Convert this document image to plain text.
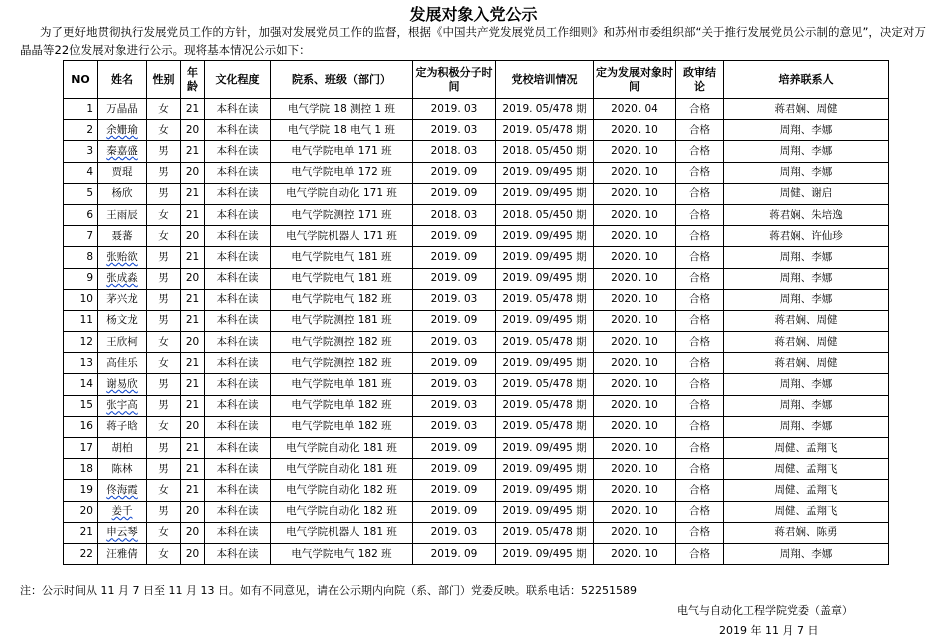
发展对象入党公示
为了更好地贯彻执行发展党员工作的方针，加强对发展党员工作的监督，根据《中国共产党发展党员工作细则》和苏州市委组织部“关于推行发展党员公示制的意见”，决定对万晶晶等22位发展对象进行公示。现将基本情况公示如下：
NO	姓名	性别	年龄	文化程度	院系、班级（部门）	定为积极分子时间	党校培训情况	定为发展对象时间	政审结论	培养联系人
1	万晶晶	女	21	本科在读	电气学院 18 测控 1 班	2019. 03	2019. 05/478 期	2020. 04	合格	蒋君娴、周健
2	余姗瑜	女	20	本科在读	电气学院 18 电气 1 班	2019. 03	2019. 05/478 期	2020. 10	合格	周翔、李娜
3	秦嘉盛	男	21	本科在读	电气学院电单 171 班	2018. 03	2018. 05/450 期	2020. 10	合格	周翔、李娜
4	贾琨	男	20	本科在读	电气学院电单 172 班	2019. 09	2019. 09/495 期	2020. 10	合格	周翔、李娜
5	杨欣	男	21	本科在读	电气学院自动化 171 班	2019. 09	2019. 09/495 期	2020. 10	合格	周健、谢启
6	王雨辰	女	21	本科在读	电气学院测控 171 班	2018. 03	2018. 05/450 期	2020. 10	合格	蒋君娴、朱培逸
7	聂蕃	女	20	本科在读	电气学院机器人 171 班	2019. 09	2019. 09/495 期	2020. 10	合格	蒋君娴、许仙珍
8	张贻欲	男	21	本科在读	电气学院电气 181 班	2019. 09	2019. 09/495 期	2020. 10	合格	周翔、李娜
9	张成淼	男	20	本科在读	电气学院电气 181 班	2019. 09	2019. 09/495 期	2020. 10	合格	周翔、李娜
10	茅兴龙	男	21	本科在读	电气学院电气 182 班	2019. 03	2019. 05/478 期	2020. 10	合格	周翔、李娜
11	杨文龙	男	21	本科在读	电气学院测控 181 班	2019. 09	2019. 09/495 期	2020. 10	合格	蒋君娴、周健
12	王欣柯	女	20	本科在读	电气学院测控 182 班	2019. 03	2019. 05/478 期	2020. 10	合格	蒋君娴、周健
13	高佳乐	女	21	本科在读	电气学院测控 182 班	2019. 09	2019. 09/495 期	2020. 10	合格	蒋君娴、周健
14	谢易欣	男	21	本科在读	电气学院电单 181 班	2019. 03	2019. 05/478 期	2020. 10	合格	周翔、李娜
15	张宇高	男	21	本科在读	电气学院电单 182 班	2019. 03	2019. 05/478 期	2020. 10	合格	周翔、李娜
16	蒋子晗	女	20	本科在读	电气学院电单 182 班	2019. 03	2019. 05/478 期	2020. 10	合格	周翔、李娜
17	胡柏	男	21	本科在读	电气学院自动化 181 班	2019. 09	2019. 09/495 期	2020. 10	合格	周健、孟翔飞
18	陈林	男	21	本科在读	电气学院自动化 181 班	2019. 09	2019. 09/495 期	2020. 10	合格	周健、孟翔飞
19	佟海霞	女	21	本科在读	电气学院自动化 182 班	2019. 09	2019. 09/495 期	2020. 10	合格	周健、孟翔飞
20	姜千	男	20	本科在读	电气学院自动化 182 班	2019. 09	2019. 09/495 期	2020. 10	合格	周健、孟翔飞
21	申云琴	女	20	本科在读	电气学院机器人 181 班	2019. 03	2019. 05/478 期	2020. 10	合格	蒋君娴、陈勇
22	汪雅倩	女	20	本科在读	电气学院电气 182 班	2019. 09	2019. 09/495 期	2020. 10	合格	周翔、李娜
注：公示时间从 11 月 7 日至 11 月 13 日。如有不同意见，请在公示期内向院（系、部门）党委反映。联系电话：52251589
电气与自动化工程学院党委（盖章）
2019 年 11 月 7 日
